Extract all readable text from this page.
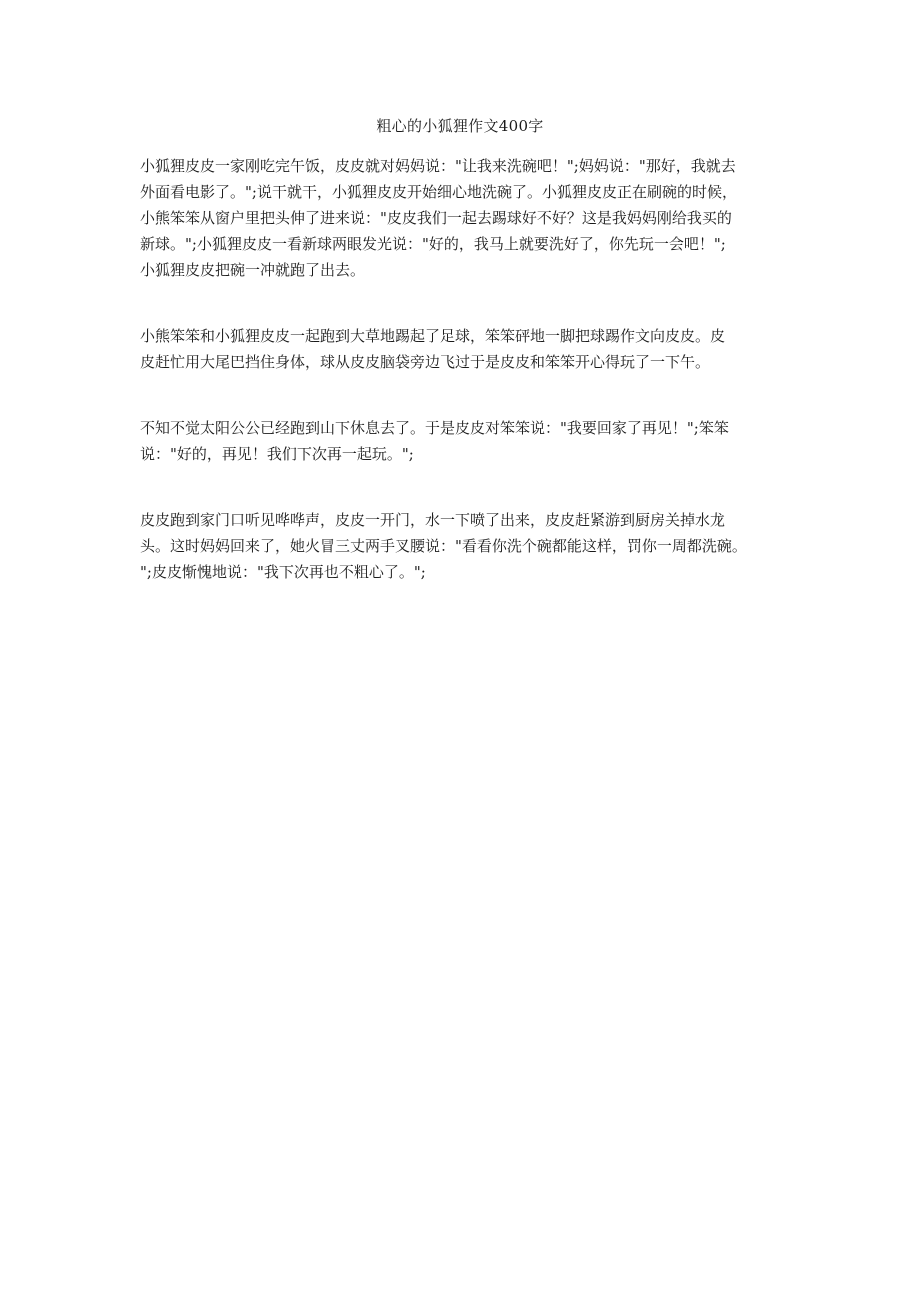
粗心的小狐狸作文400字

小狐狸皮皮一家刚吃完午饭，皮皮就对妈妈说："让我来洗碗吧！";妈妈说："那好，我就去
外面看电影了。";说干就干，小狐狸皮皮开始细心地洗碗了。小狐狸皮皮正在刷碗的时候，
小熊笨笨从窗户里把头伸了进来说："皮皮我们一起去踢球好不好？这是我妈妈刚给我买的
新球。";小狐狸皮皮一看新球两眼发光说："好的，我马上就要洗好了，你先玩一会吧！";
小狐狸皮皮把碗一冲就跑了出去。

小熊笨笨和小狐狸皮皮一起跑到大草地踢起了足球，笨笨砰地一脚把球踢作文向皮皮。皮
皮赶忙用大尾巴挡住身体，球从皮皮脑袋旁边飞过于是皮皮和笨笨开心得玩了一下午。

不知不觉太阳公公已经跑到山下休息去了。于是皮皮对笨笨说："我要回家了再见！";笨笨
说："好的，再见！我们下次再一起玩。";

皮皮跑到家门口听见哗哗声，皮皮一开门，水一下喷了出来，皮皮赶紧游到厨房关掉水龙
头。这时妈妈回来了，她火冒三丈两手叉腰说："看看你洗个碗都能这样，罚你一周都洗碗。
";皮皮惭愧地说："我下次再也不粗心了。";
